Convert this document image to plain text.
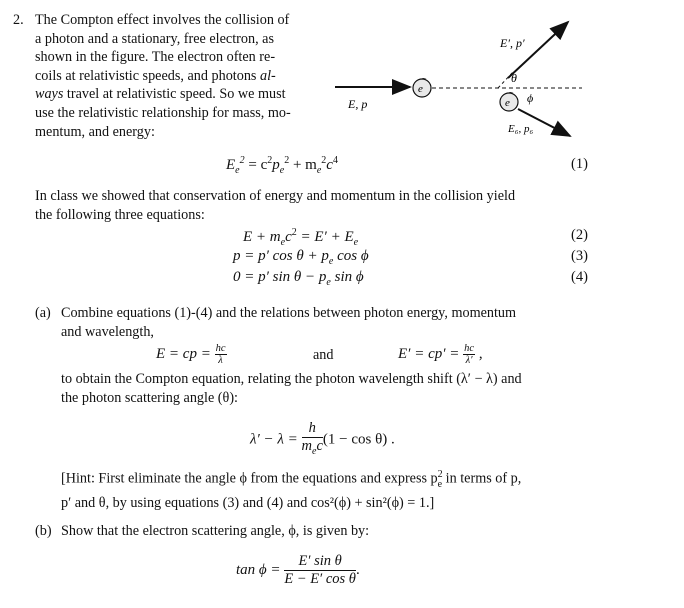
2. The Compton effect involves the collision of
a photon and a stationary, free electron, as
shown in the figure. The electron often re-
coils at relativistic speeds, and photons al-
ways travel at relativistic speed. So we must
use the relativistic relationship for mass, mo-
mentum, and energy:
e
−
e
−
E, p
E′, p′
θ
ϕ
E₆, p₆
$E_e^2 = c^2p_e^2 + m_e^2c^4$	(1)
In class we showed that conservation of energy and momentum in the collision yield
the following three equations:
$E + m_ec^2 = E' + E_e$	(2)
p = p′ $\cos \theta + p_e$ cos ϕ	(3)
0 = p′ $\sin \theta - p_e$ sin ϕ	(4)
(a) Combine equations (1)-(4) and the relations between photon energy, momentum
and wavelength,
E = cp = $\frac{hc}{\lambda}$	and	$E' = cp' = \frac{hc}{\lambda'}$ ,
to obtain the Compton equation, relating the photon wavelength shift (λ′ − λ) and
the photon scattering angle (θ):
$\lambda' - \lambda = \frac{h}{m_ec} (1 - \cos \theta)$ .
[Hint: First eliminate the angle ϕ from the equations and express $p^2_e$ in terms of p,
p′ and θ, by using equations (3) and (4) and cos²(ϕ) + sin²(ϕ) = 1.]
(b) Show that the electron scattering angle, ϕ, is given by:
$\tan \phi = \frac{\text{E′ sin θ}}{\text{E − E′ cos θ}}$ .
